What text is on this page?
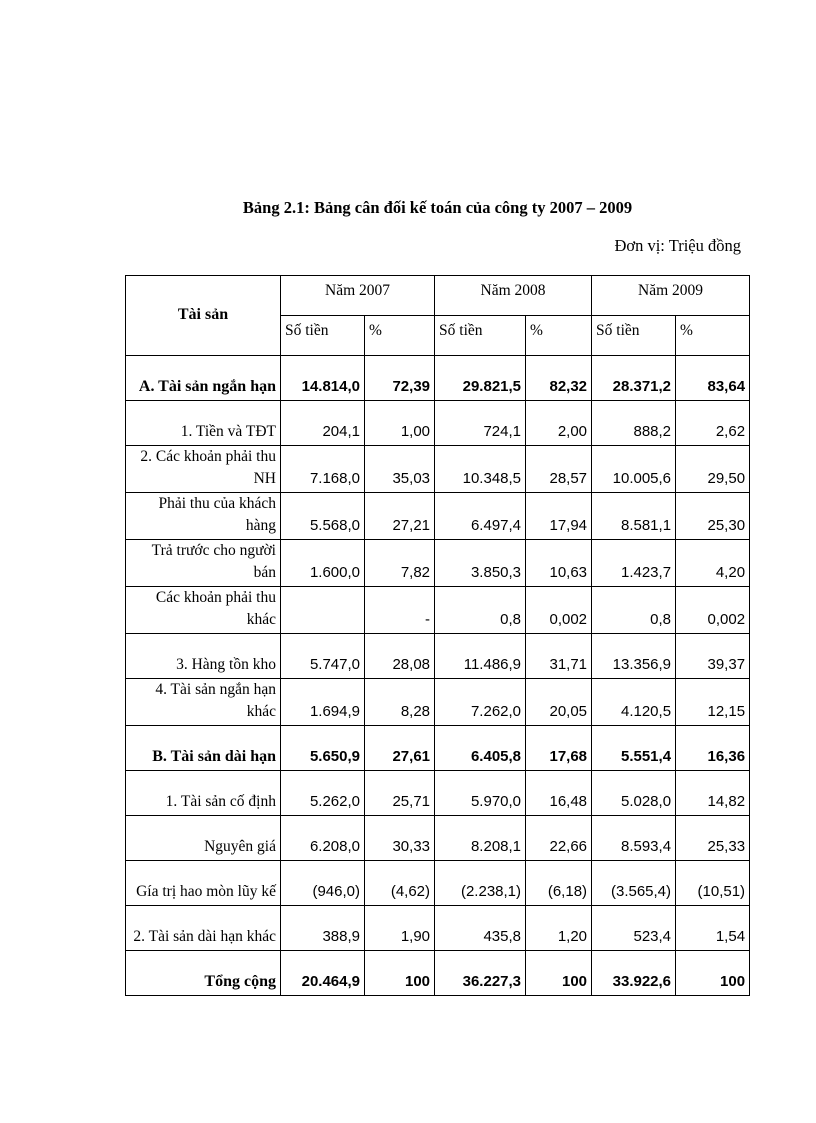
Bảng 2.1: Bảng cân đối kế toán của công ty 2007 – 2009
Đơn vị: Triệu đồng
Tài sản	Năm 2007		Năm 2008		Năm 2009	
	Số tiền	%	Số tiền	%	Số tiền	%
A. Tài sản ngắn hạn	14.814,0	72,39	29.821,5	82,32	28.371,2	83,64
1. Tiền và TĐT	204,1	1,00	724,1	2,00	888,2	2,62
2. Các khoản phải thu NH	7.168,0	35,03	10.348,5	28,57	10.005,6	29,50
Phải thu của khách hàng	5.568,0	27,21	6.497,4	17,94	8.581,1	25,30
Trả trước cho người bán	1.600,0	7,82	3.850,3	10,63	1.423,7	4,20
Các khoản phải thu khác		-	0,8	0,002	0,8	0,002
3. Hàng tồn kho	5.747,0	28,08	11.486,9	31,71	13.356,9	39,37
4. Tài sản ngắn hạn khác	1.694,9	8,28	7.262,0	20,05	4.120,5	12,15
B. Tài sản dài hạn	5.650,9	27,61	6.405,8	17,68	5.551,4	16,36
1. Tài sản cố định	5.262,0	25,71	5.970,0	16,48	5.028,0	14,82
Nguyên giá	6.208,0	30,33	8.208,1	22,66	8.593,4	25,33
Gía trị hao mòn lũy kế	(946,0)	(4,62)	(2.238,1)	(6,18)	(3.565,4)	(10,51)
2. Tài sản dài hạn khác	388,9	1,90	435,8	1,20	523,4	1,54
Tổng cộng	20.464,9	100	36.227,3	100	33.922,6	100
